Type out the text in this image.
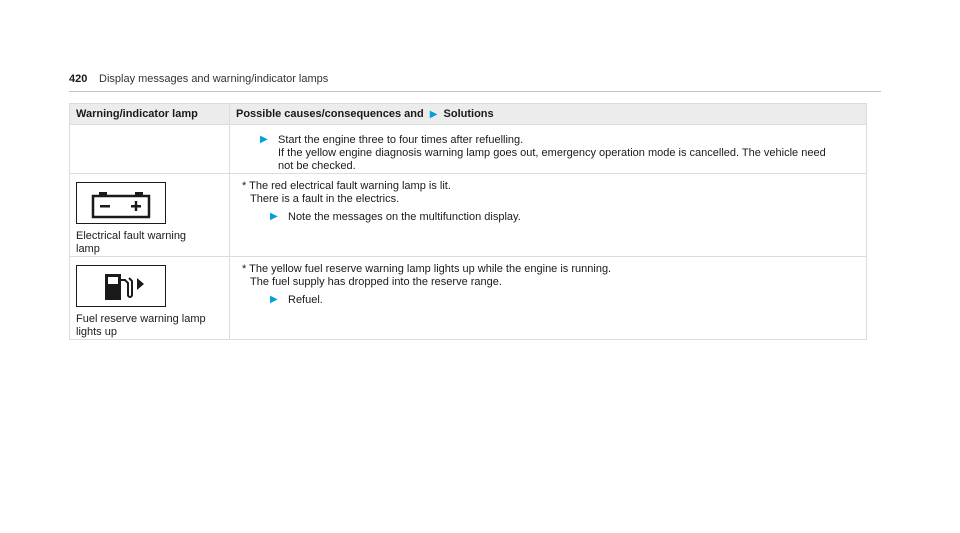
420 Display messages and warning/indicator lamps
Warning/indicator lamp	Possible causes/consequences and ▶ Solutions
▶ Start the engine three to four times after refuelling.
If the yellow engine diagnosis warning lamp goes out, emergency operation mode is cancelled. The vehicle need
not be checked.
Electrical fault warning
lamp
* The red electrical fault warning lamp is lit.
There is a fault in the electrics.
▶ Note the messages on the multifunction display.
Fuel reserve warning lamp
lights up
* The yellow fuel reserve warning lamp lights up while the engine is running.
The fuel supply has dropped into the reserve range.
▶ Refuel.
